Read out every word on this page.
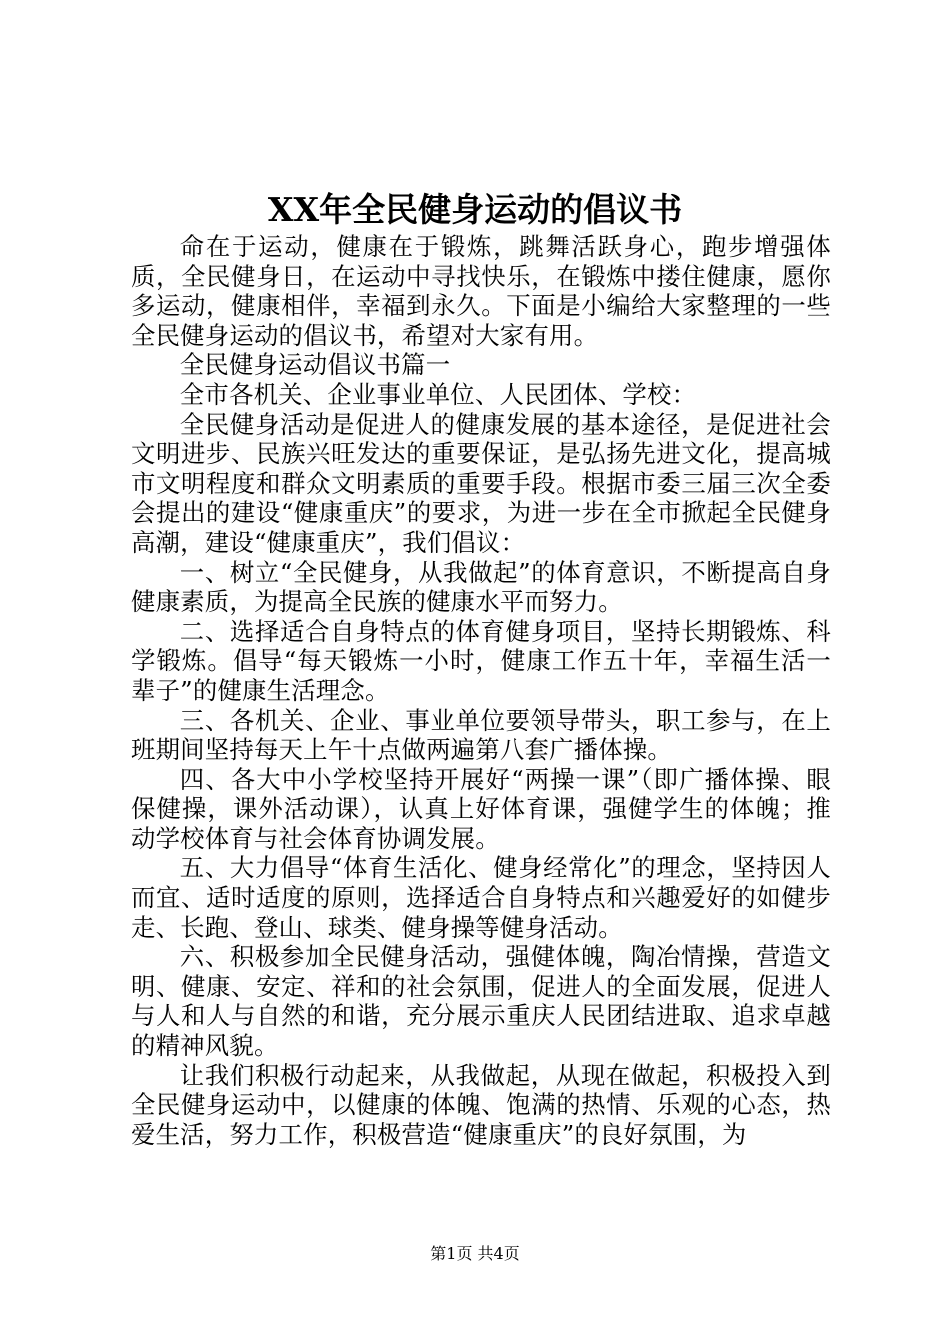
XX年全民健身运动的倡议书

命在于运动，健康在于锻炼，跳舞活跃身心，跑步增强体质，全民健身日，在运动中寻找快乐，在锻炼中搂住健康，愿你多运动，健康相伴，幸福到永久。下面是小编给大家整理的一些全民健身运动的倡议书，希望对大家有用。

全民健身运动倡议书篇一

全市各机关、企业事业单位、人民团体、学校：

全民健身活动是促进人的健康发展的基本途径，是促进社会文明进步、民族兴旺发达的重要保证，是弘扬先进文化，提高城市文明程度和群众文明素质的重要手段。根据市委三届三次全委会提出的建设“健康重庆”的要求，为进一步在全市掀起全民健身高潮，建设“健康重庆”，我们倡议：

一、树立“全民健身，从我做起”的体育意识，不断提高自身健康素质，为提高全民族的健康水平而努力。

二、选择适合自身特点的体育健身项目，坚持长期锻炼、科学锻炼。倡导“每天锻炼一小时，健康工作五十年，幸福生活一辈子”的健康生活理念。

三、各机关、企业、事业单位要领导带头，职工参与，在上班期间坚持每天上午十点做两遍第八套广播体操。

四、各大中小学校坚持开展好“两操一课”（即广播体操、眼保健操，课外活动课），认真上好体育课，强健学生的体魄；推动学校体育与社会体育协调发展。

五、大力倡导“体育生活化、健身经常化”的理念，坚持因人而宜、适时适度的原则，选择适合自身特点和兴趣爱好的如健步走、长跑、登山、球类、健身操等健身活动。

六、积极参加全民健身活动，强健体魄，陶冶情操，营造文明、健康、安定、祥和的社会氛围，促进人的全面发展，促进人与人和人与自然的和谐，充分展示重庆人民团结进取、追求卓越的精神风貌。

让我们积极行动起来，从我做起，从现在做起，积极投入到全民健身运动中，以健康的体魄、饱满的热情、乐观的心态，热爱生活，努力工作，积极营造“健康重庆”的良好氛围，为

第1页 共4页
